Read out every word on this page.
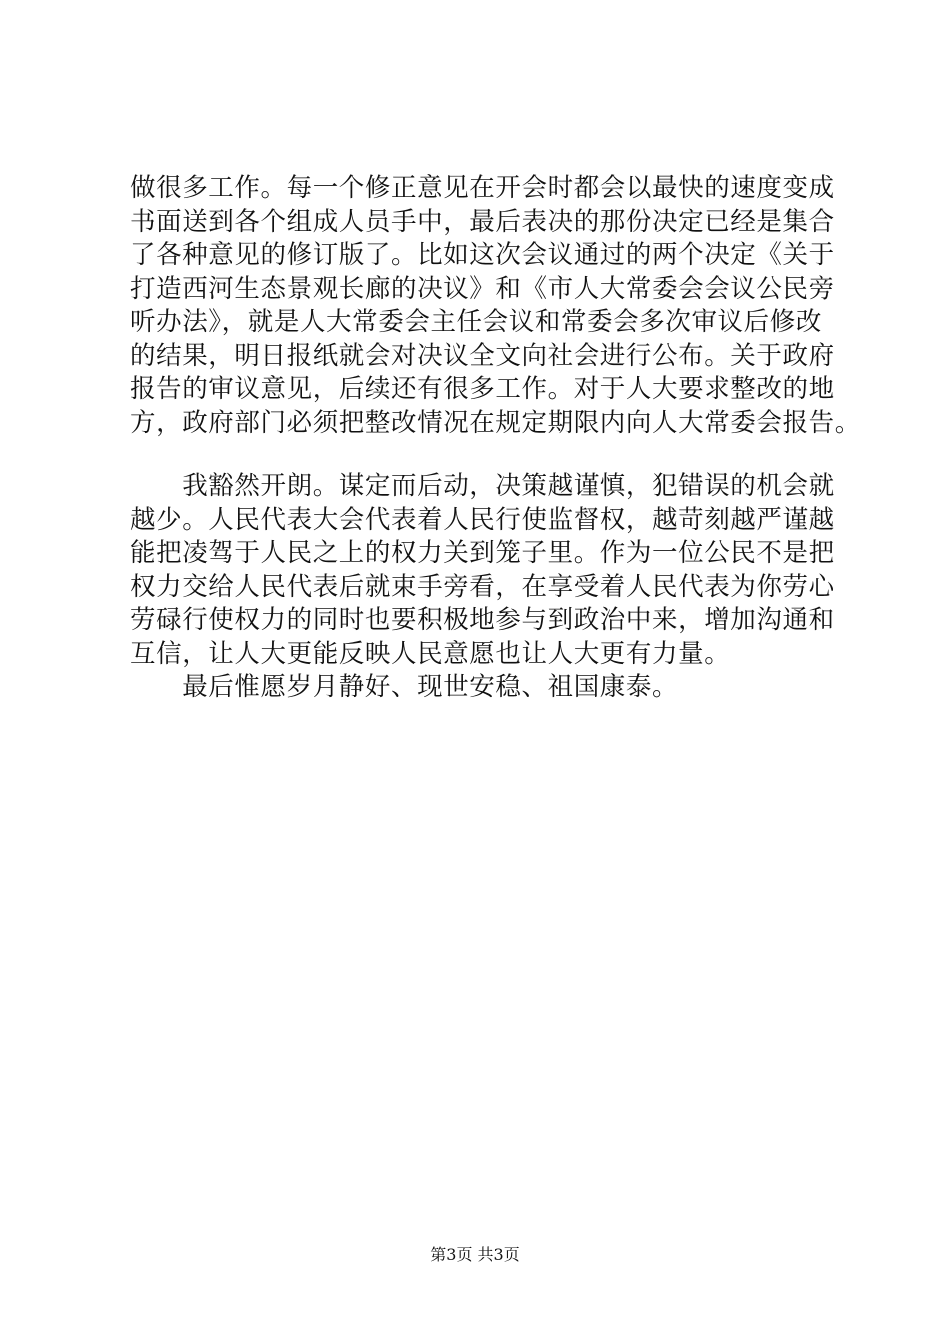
做很多工作。每一个修正意见在开会时都会以最快的速度变成
书面送到各个组成人员手中，最后表决的那份决定已经是集合
了各种意见的修订版了。比如这次会议通过的两个决定《关于
打造西河生态景观长廊的决议》和《市人大常委会会议公民旁
听办法》，就是人大常委会主任会议和常委会多次审议后修改
的结果，明日报纸就会对决议全文向社会进行公布。关于政府
报告的审议意见，后续还有很多工作。对于人大要求整改的地
方，政府部门必须把整改情况在规定期限内向人大常委会报告。
　　我豁然开朗。谋定而后动，决策越谨慎，犯错误的机会就
越少。人民代表大会代表着人民行使监督权，越苛刻越严谨越
能把凌驾于人民之上的权力关到笼子里。作为一位公民不是把
权力交给人民代表后就束手旁看，在享受着人民代表为你劳心
劳碌行使权力的同时也要积极地参与到政治中来，增加沟通和
互信，让人大更能反映人民意愿也让人大更有力量。
　　最后惟愿岁月静好、现世安稳、祖国康泰。
第3页 共3页
